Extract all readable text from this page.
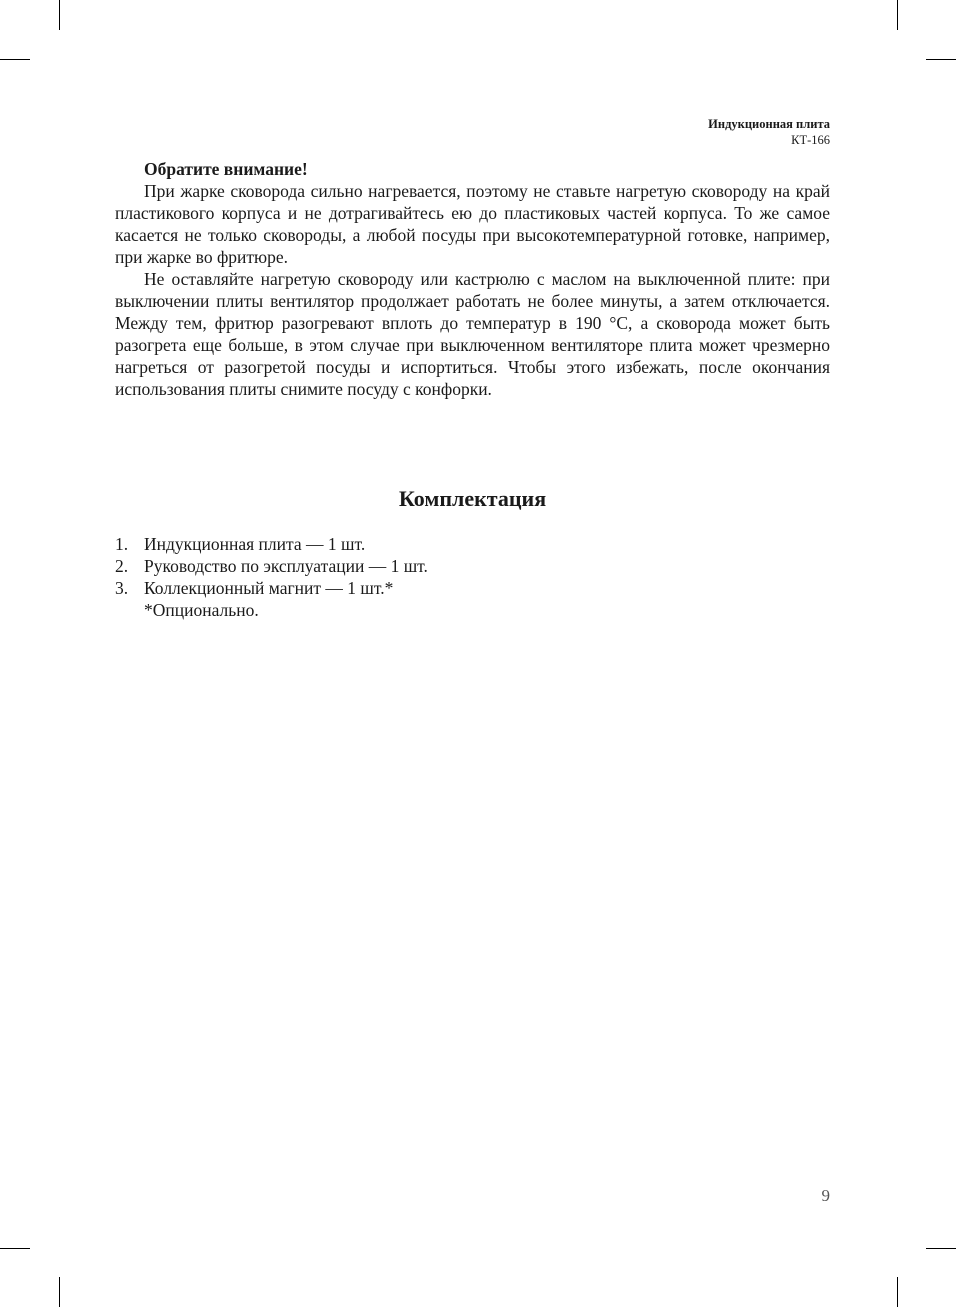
Индукционная плита
КТ-166

Обратите внимание!

При жарке сковорода сильно нагревается, поэтому не ставьте нагретую сковороду на край пластикового корпуса и не дотрагивайтесь ею до пластиковых частей корпуса. То же самое касается не только сковороды, а любой посуды при высокотемпературной готовке, например, при жарке во фритюре.

Не оставляйте нагретую сковороду или кастрюлю с маслом на выключенной плите: при выключении плиты вентилятор продолжает работать не более минуты, а затем отключается. Между тем, фритюр разогревают вплоть до температур в 190 °С, а сковорода может быть разогрета еще больше, в этом случае при выключенном вентиляторе плита может чрезмерно нагреться от разогретой посуды и испортиться. Чтобы этого избежать, после окончания использования плиты снимите посуду с конфорки.

Комплектация
1. Индукционная плита — 1 шт.
2. Руководство по эксплуатации — 1 шт.
3. Коллекционный магнит — 1 шт.*
*Опционально.
9
